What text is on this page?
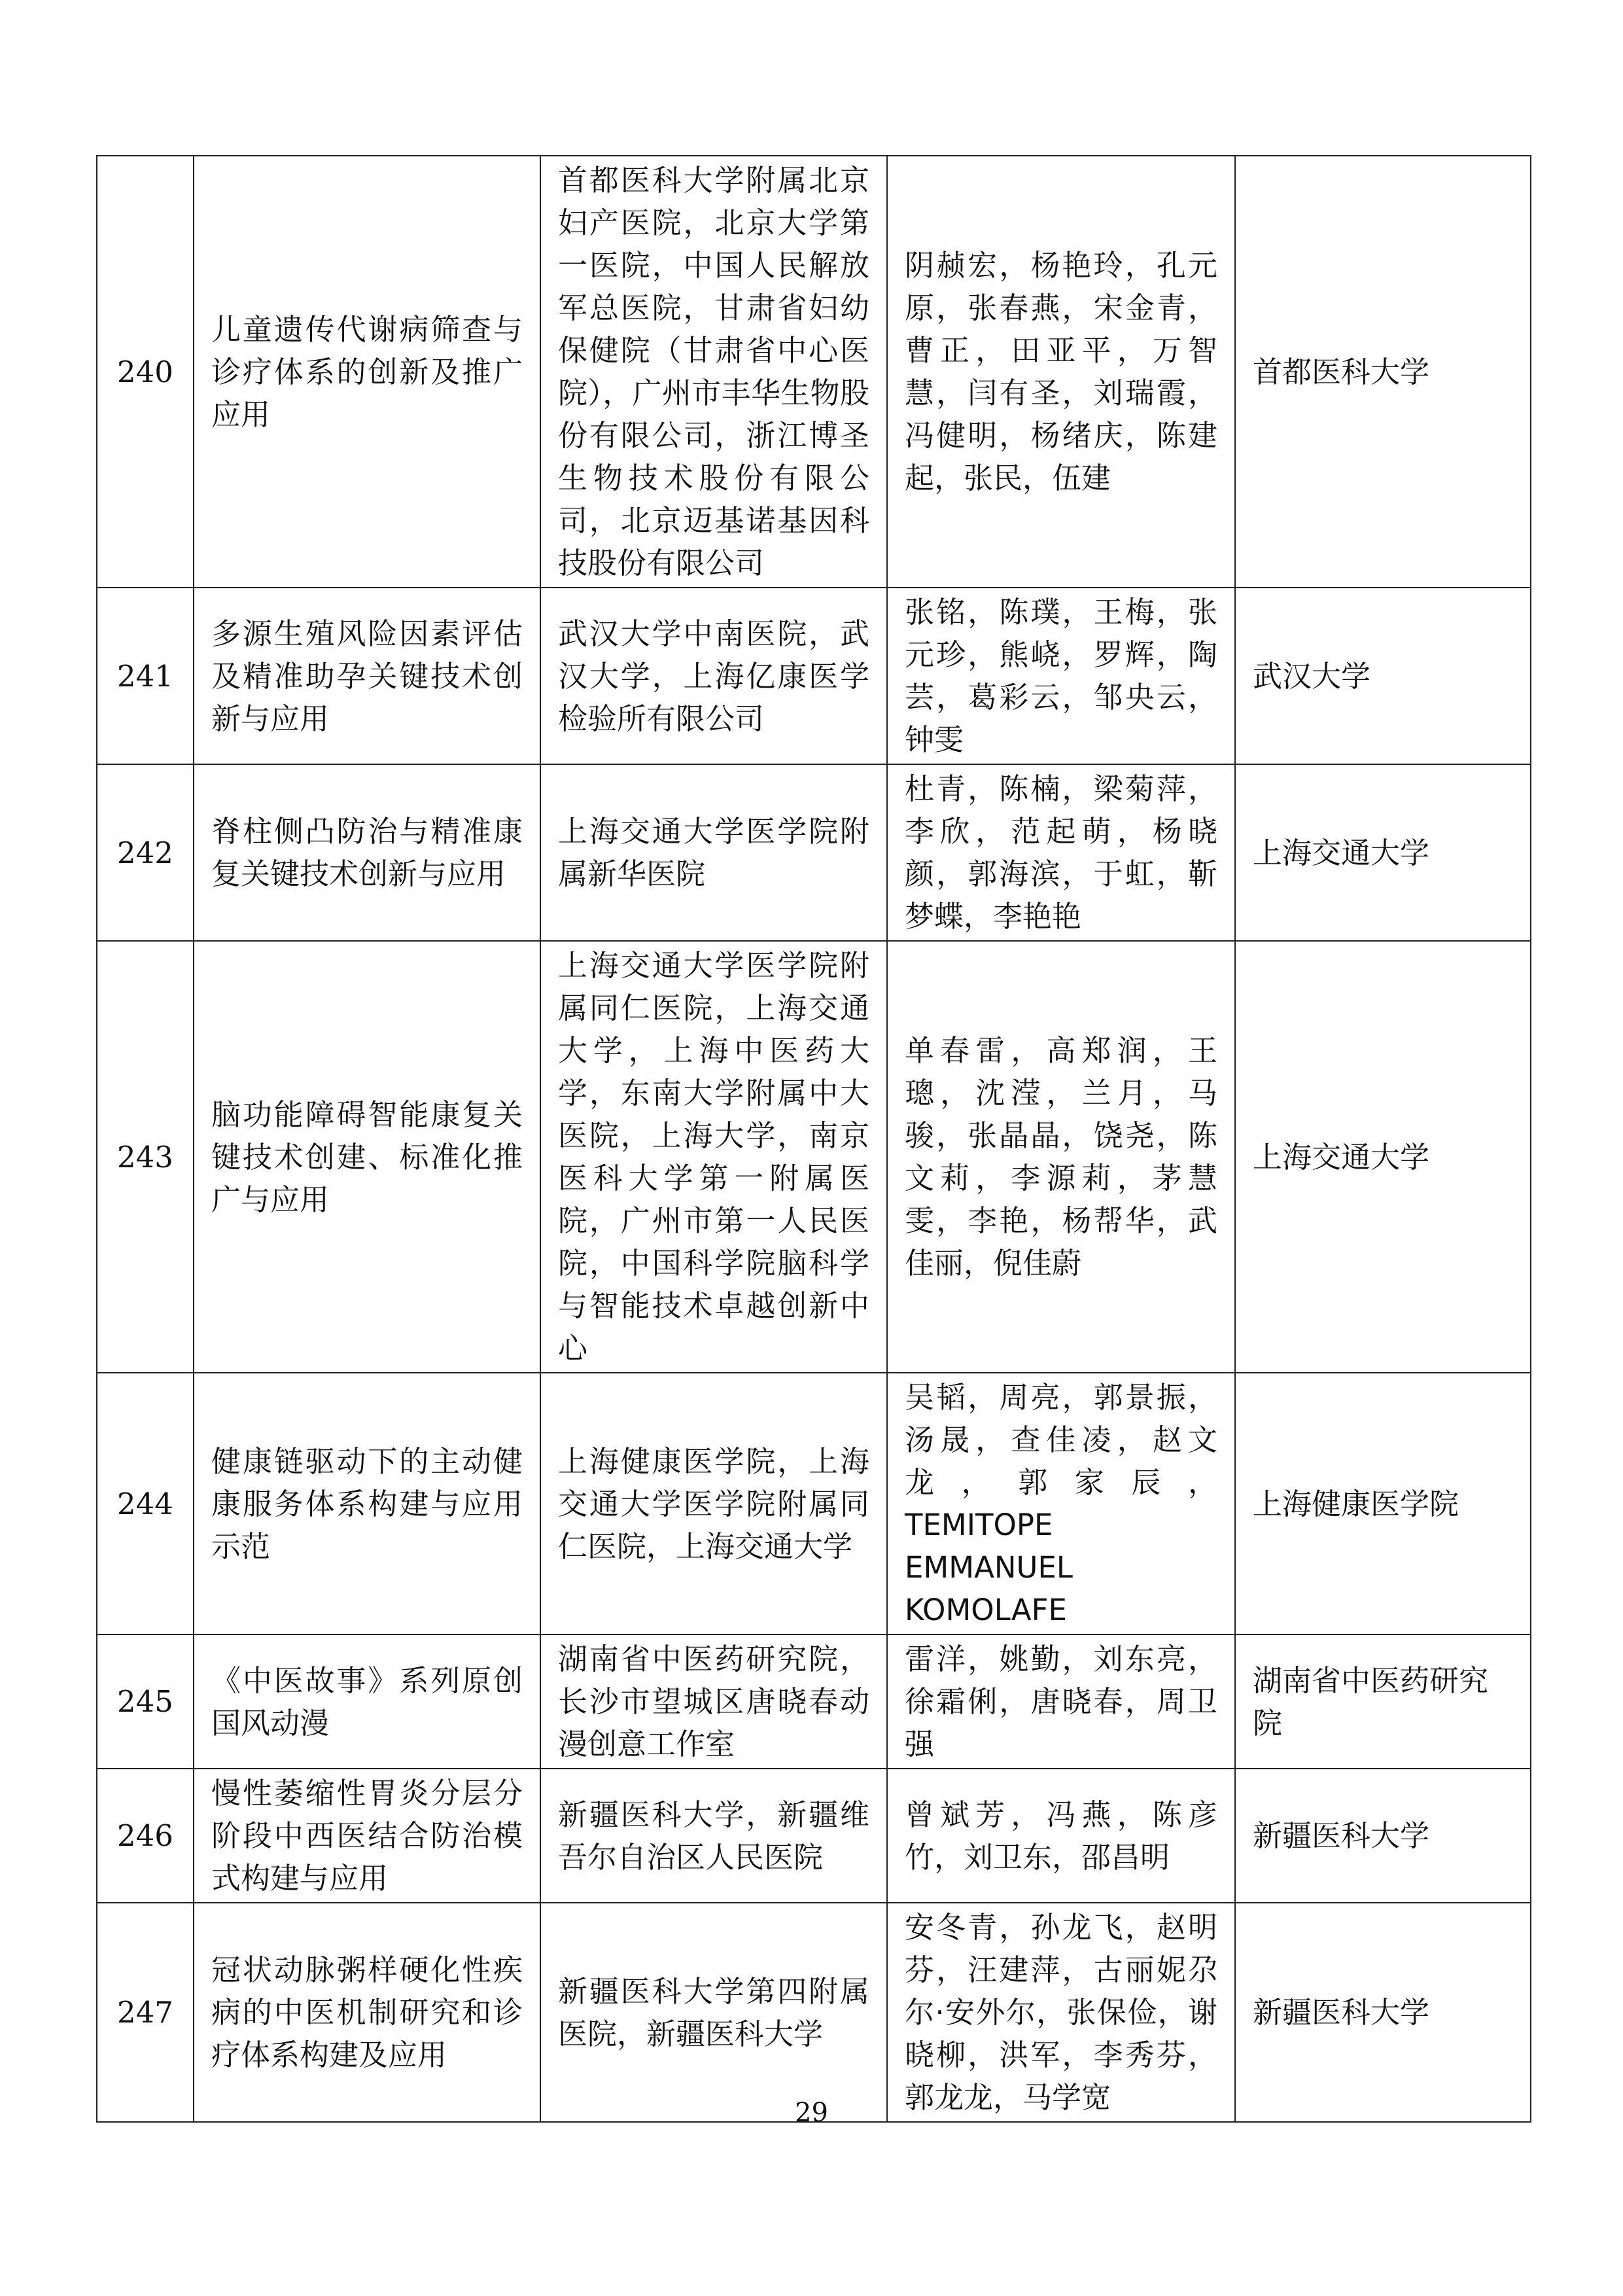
240	儿童遗传代谢病筛查与诊疗体系的创新及推广应用	首都医科大学附属北京妇产医院，北京大学第一医院，中国人民解放军总医院，甘肃省妇幼保健院（甘肃省中心医院），广州市丰华生物股份有限公司，浙江博圣生物技术股份有限公司，北京迈基诺基因科技股份有限公司	阴赪宏，杨艳玲，孔元原，张春燕，宋金青，曹正，田亚平，万智慧，闫有圣，刘瑞霞，冯健明，杨绪庆，陈建起，张民，伍建	首都医科大学
241	多源生殖风险因素评估及精准助孕关键技术创新与应用	武汉大学中南医院，武汉大学，上海亿康医学检验所有限公司	张铭，陈璞，王梅，张元珍，熊峣，罗辉，陶芸，葛彩云，邹央云，钟雯	武汉大学
242	脊柱侧凸防治与精准康复关键技术创新与应用	上海交通大学医学院附属新华医院	杜青，陈楠，梁菊萍，李欣，范起萌，杨晓颜，郭海滨，于虹，靳梦蝶，李艳艳	上海交通大学
243	脑功能障碍智能康复关键技术创建、标准化推广与应用	上海交通大学医学院附属同仁医院，上海交通大学，上海中医药大学，东南大学附属中大医院，上海大学，南京医科大学第一附属医院，广州市第一人民医院，中国科学院脑科学与智能技术卓越创新中心	单春雷，高郑润，王璁，沈滢，兰月，马骏，张晶晶，饶尧，陈文莉，李源莉，茅慧雯，李艳，杨帮华，武佳丽，倪佳蔚	上海交通大学
244	健康链驱动下的主动健康服务体系构建与应用示范	上海健康医学院，上海交通大学医学院附属同仁医院，上海交通大学	吴韬，周亮，郭景振，汤晟，查佳凌，赵文龙，郭家辰，TEMITOPE EMMANUEL KOMOLAFE	上海健康医学院
245	《中医故事》系列原创国风动漫	湖南省中医药研究院，长沙市望城区唐晓春动漫创意工作室	雷洋，姚勤，刘东亮，徐霜俐，唐晓春，周卫强	湖南省中医药研究院
246	慢性萎缩性胃炎分层分阶段中西医结合防治模式构建与应用	新疆医科大学，新疆维吾尔自治区人民医院	曾斌芳，冯燕，陈彦竹，刘卫东，邵昌明	新疆医科大学
247	冠状动脉粥样硬化性疾病的中医机制研究和诊疗体系构建及应用	新疆医科大学第四附属医院，新疆医科大学	安冬青，孙龙飞，赵明芬，汪建萍，古丽妮尕尔·安外尔，张保俭，谢晓柳，洪军，李秀芬，郭龙龙，马学宽	新疆医科大学
29
